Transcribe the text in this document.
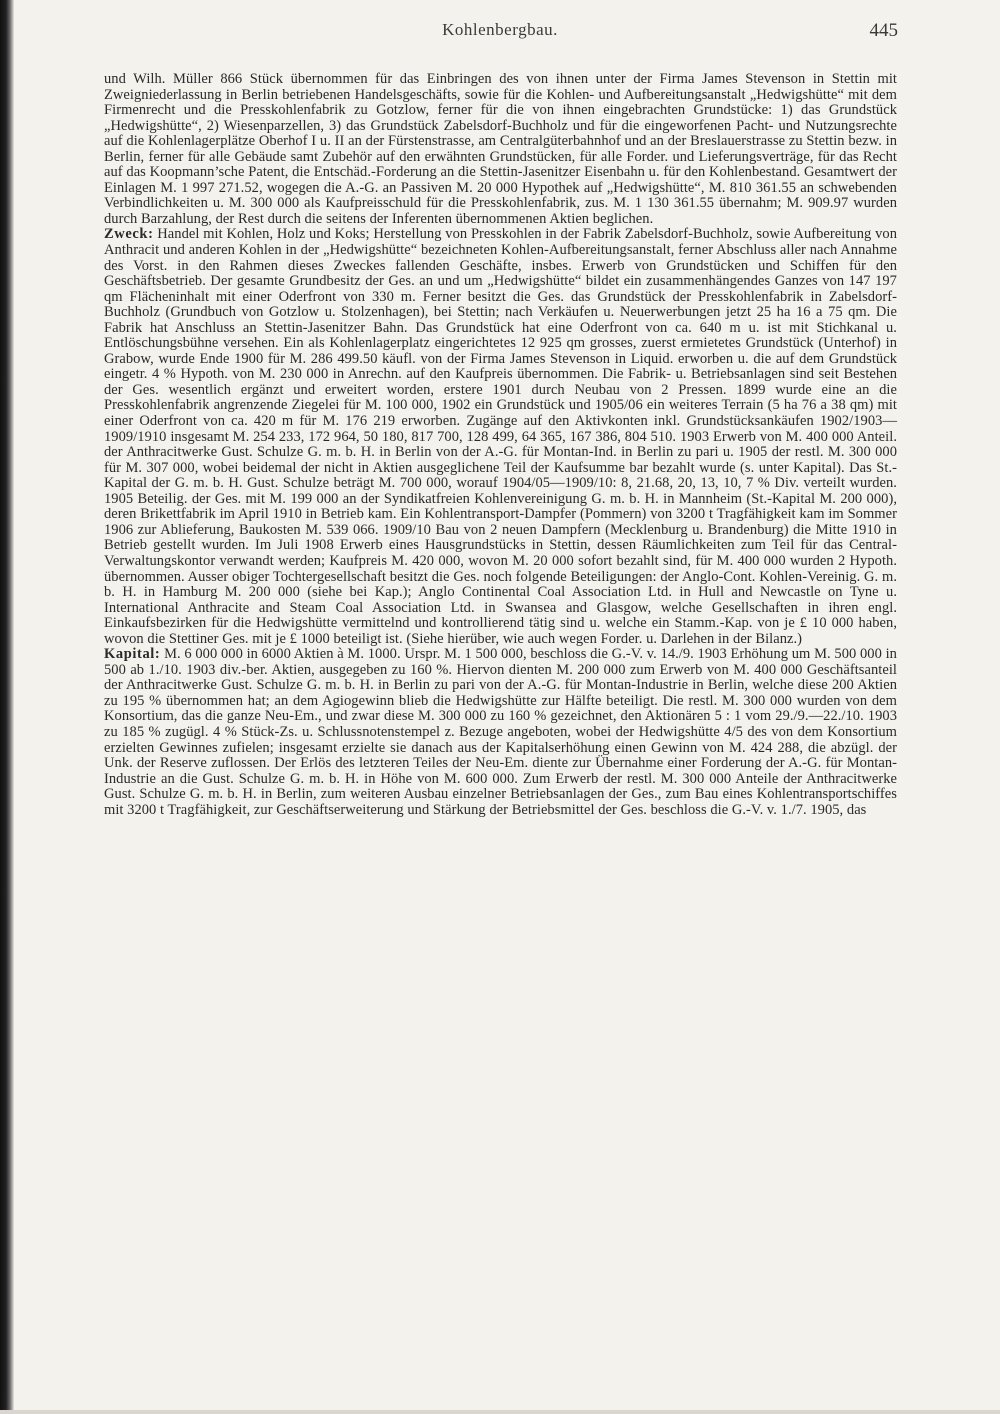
Kohlenbergbau.	445

und Wilh. Müller 866 Stück übernommen für das Einbringen des von ihnen unter der Firma James Stevenson in Stettin mit Zweigniederlassung in Berlin betriebenen Handelsgeschäfts, sowie für die Kohlen- und Aufbereitungsanstalt „Hedwigshütte“ mit dem Firmenrecht und die Presskohlenfabrik zu Gotzlow, ferner für die von ihnen eingebrachten Grundstücke: 1) das Grundstück „Hedwigshütte“, 2) Wiesenparzellen, 3) das Grundstück Zabelsdorf-Buchholz und für die eingeworfenen Pacht- und Nutzungsrechte auf die Kohlenlagerplätze Oberhof I u. II an der Fürstenstrasse, am Centralgüterbahnhof und an der Breslauerstrasse zu Stettin bezw. in Berlin, ferner für alle Gebäude samt Zubehör auf den erwähnten Grundstücken, für alle Forder. und Lieferungsverträge, für das Recht auf das Koopmann’sche Patent, die Entschäd.-Forderung an die Stettin-Jasenitzer Eisenbahn u. für den Kohlenbestand. Gesamtwert der Einlagen M. 1 997 271.52, wogegen die A.-G. an Passiven M. 20 000 Hypothek auf „Hedwigshütte“, M. 810 361.55 an schwebenden Verbindlichkeiten u. M. 300 000 als Kaufpreisschuld für die Presskohlenfabrik, zus. M. 1 130 361.55 übernahm; M. 909.97 wurden durch Barzahlung, der Rest durch die seitens der Inferenten übernommenen Aktien beglichen.

Zweck: Handel mit Kohlen, Holz und Koks; Herstellung von Presskohlen in der Fabrik Zabelsdorf-Buchholz, sowie Aufbereitung von Anthracit und anderen Kohlen in der „Hedwigshütte“ bezeichneten Kohlen-Aufbereitungsanstalt, ferner Abschluss aller nach Annahme des Vorst. in den Rahmen dieses Zweckes fallenden Geschäfte, insbes. Erwerb von Grundstücken und Schiffen für den Geschäftsbetrieb. Der gesamte Grundbesitz der Ges. an und um „Hedwigshütte“ bildet ein zusammenhängendes Ganzes von 147 197 qm Flächeninhalt mit einer Oderfront von 330 m. Ferner besitzt die Ges. das Grundstück der Presskohlenfabrik in Zabelsdorf-Buchholz (Grundbuch von Gotzlow u. Stolzenhagen), bei Stettin; nach Verkäufen u. Neuerwerbungen jetzt 25 ha 16 a 75 qm. Die Fabrik hat Anschluss an Stettin-Jasenitzer Bahn. Das Grundstück hat eine Oderfront von ca. 640 m u. ist mit Stichkanal u. Entlöschungsbühne versehen. Ein als Kohlenlagerplatz eingerichtetes 12 925 qm grosses, zuerst ermietetes Grundstück (Unterhof) in Grabow, wurde Ende 1900 für M. 286 499.50 käufl. von der Firma James Stevenson in Liquid. erworben u. die auf dem Grundstück eingetr. 4 % Hypoth. von M. 230 000 in Anrechn. auf den Kaufpreis übernommen. Die Fabrik- u. Betriebsanlagen sind seit Bestehen der Ges. wesentlich ergänzt und erweitert worden, erstere 1901 durch Neubau von 2 Pressen. 1899 wurde eine an die Presskohlenfabrik angrenzende Ziegelei für M. 100 000, 1902 ein Grundstück und 1905/06 ein weiteres Terrain (5 ha 76 a 38 qm) mit einer Oderfront von ca. 420 m für M. 176 219 erworben. Zugänge auf den Aktivkonten inkl. Grundstücksankäufen 1902/1903—1909/1910 insgesamt M. 254 233, 172 964, 50 180, 817 700, 128 499, 64 365, 167 386, 804 510. 1903 Erwerb von M. 400 000 Anteil. der Anthracitwerke Gust. Schulze G. m. b. H. in Berlin von der A.-G. für Montan-Ind. in Berlin zu pari u. 1905 der restl. M. 300 000 für M. 307 000, wobei beidemal der nicht in Aktien ausgeglichene Teil der Kaufsumme bar bezahlt wurde (s. unter Kapital). Das St.-Kapital der G. m. b. H. Gust. Schulze beträgt M. 700 000, worauf 1904/05—1909/10: 8, 21.68, 20, 13, 10, 7 % Div. verteilt wurden. 1905 Beteilig. der Ges. mit M. 199 000 an der Syndikatfreien Kohlenvereinigung G. m. b. H. in Mannheim (St.-Kapital M. 200 000), deren Brikettfabrik im April 1910 in Betrieb kam. Ein Kohlentransport-Dampfer (Pommern) von 3200 t Tragfähigkeit kam im Sommer 1906 zur Ablieferung, Baukosten M. 539 066. 1909/10 Bau von 2 neuen Dampfern (Mecklenburg u. Brandenburg) die Mitte 1910 in Betrieb gestellt wurden. Im Juli 1908 Erwerb eines Hausgrundstücks in Stettin, dessen Räumlichkeiten zum Teil für das Central-Verwaltungskontor verwandt werden; Kaufpreis M. 420 000, wovon M. 20 000 sofort bezahlt sind, für M. 400 000 wurden 2 Hypoth. übernommen. Ausser obiger Tochtergesellschaft besitzt die Ges. noch folgende Beteiligungen: der Anglo-Cont. Kohlen-Vereinig. G. m. b. H. in Hamburg M. 200 000 (siehe bei Kap.); Anglo Continental Coal Association Ltd. in Hull and Newcastle on Tyne u. International Anthracite and Steam Coal Association Ltd. in Swansea and Glasgow, welche Gesellschaften in ihren engl. Einkaufsbezirken für die Hedwigshütte vermittelnd und kontrollierend tätig sind u. welche ein Stamm.-Kap. von je £ 10 000 haben, wovon die Stettiner Ges. mit je £ 1000 beteiligt ist. (Siehe hierüber, wie auch wegen Forder. u. Darlehen in der Bilanz.)

Kapital: M. 6 000 000 in 6000 Aktien à M. 1000. Urspr. M. 1 500 000, beschloss die G.-V. v. 14./9. 1903 Erhöhung um M. 500 000 in 500 ab 1./10. 1903 div.-ber. Aktien, ausgegeben zu 160 %. Hiervon dienten M. 200 000 zum Erwerb von M. 400 000 Geschäftsanteil der Anthracitwerke Gust. Schulze G. m. b. H. in Berlin zu pari von der A.-G. für Montan-Industrie in Berlin, welche diese 200 Aktien zu 195 % übernommen hat; an dem Agiogewinn blieb die Hedwigshütte zur Hälfte beteiligt. Die restl. M. 300 000 wurden von dem Konsortium, das die ganze Neu-Em., und zwar diese M. 300 000 zu 160 % gezeichnet, den Aktionären 5 : 1 vom 29./9.—22./10. 1903 zu 185 % zugügl. 4 % Stück-Zs. u. Schlussnotenstempel z. Bezuge angeboten, wobei der Hedwigshütte 4/5 des von dem Konsortium erzielten Gewinnes zufielen; insgesamt erzielte sie danach aus der Kapitalserhöhung einen Gewinn von M. 424 288, die abzügl. der Unk. der Reserve zuflossen. Der Erlös des letzteren Teiles der Neu-Em. diente zur Übernahme einer Forderung der A.-G. für Montan-Industrie an die Gust. Schulze G. m. b. H. in Höhe von M. 600 000. Zum Erwerb der restl. M. 300 000 Anteile der Anthracitwerke Gust. Schulze G. m. b. H. in Berlin, zum weiteren Ausbau einzelner Betriebsanlagen der Ges., zum Bau eines Kohlentransportschiffes mit 3200 t Tragfähigkeit, zur Geschäftserweiterung und Stärkung der Betriebsmittel der Ges. beschloss die G.-V. v. 1./7. 1905, das
